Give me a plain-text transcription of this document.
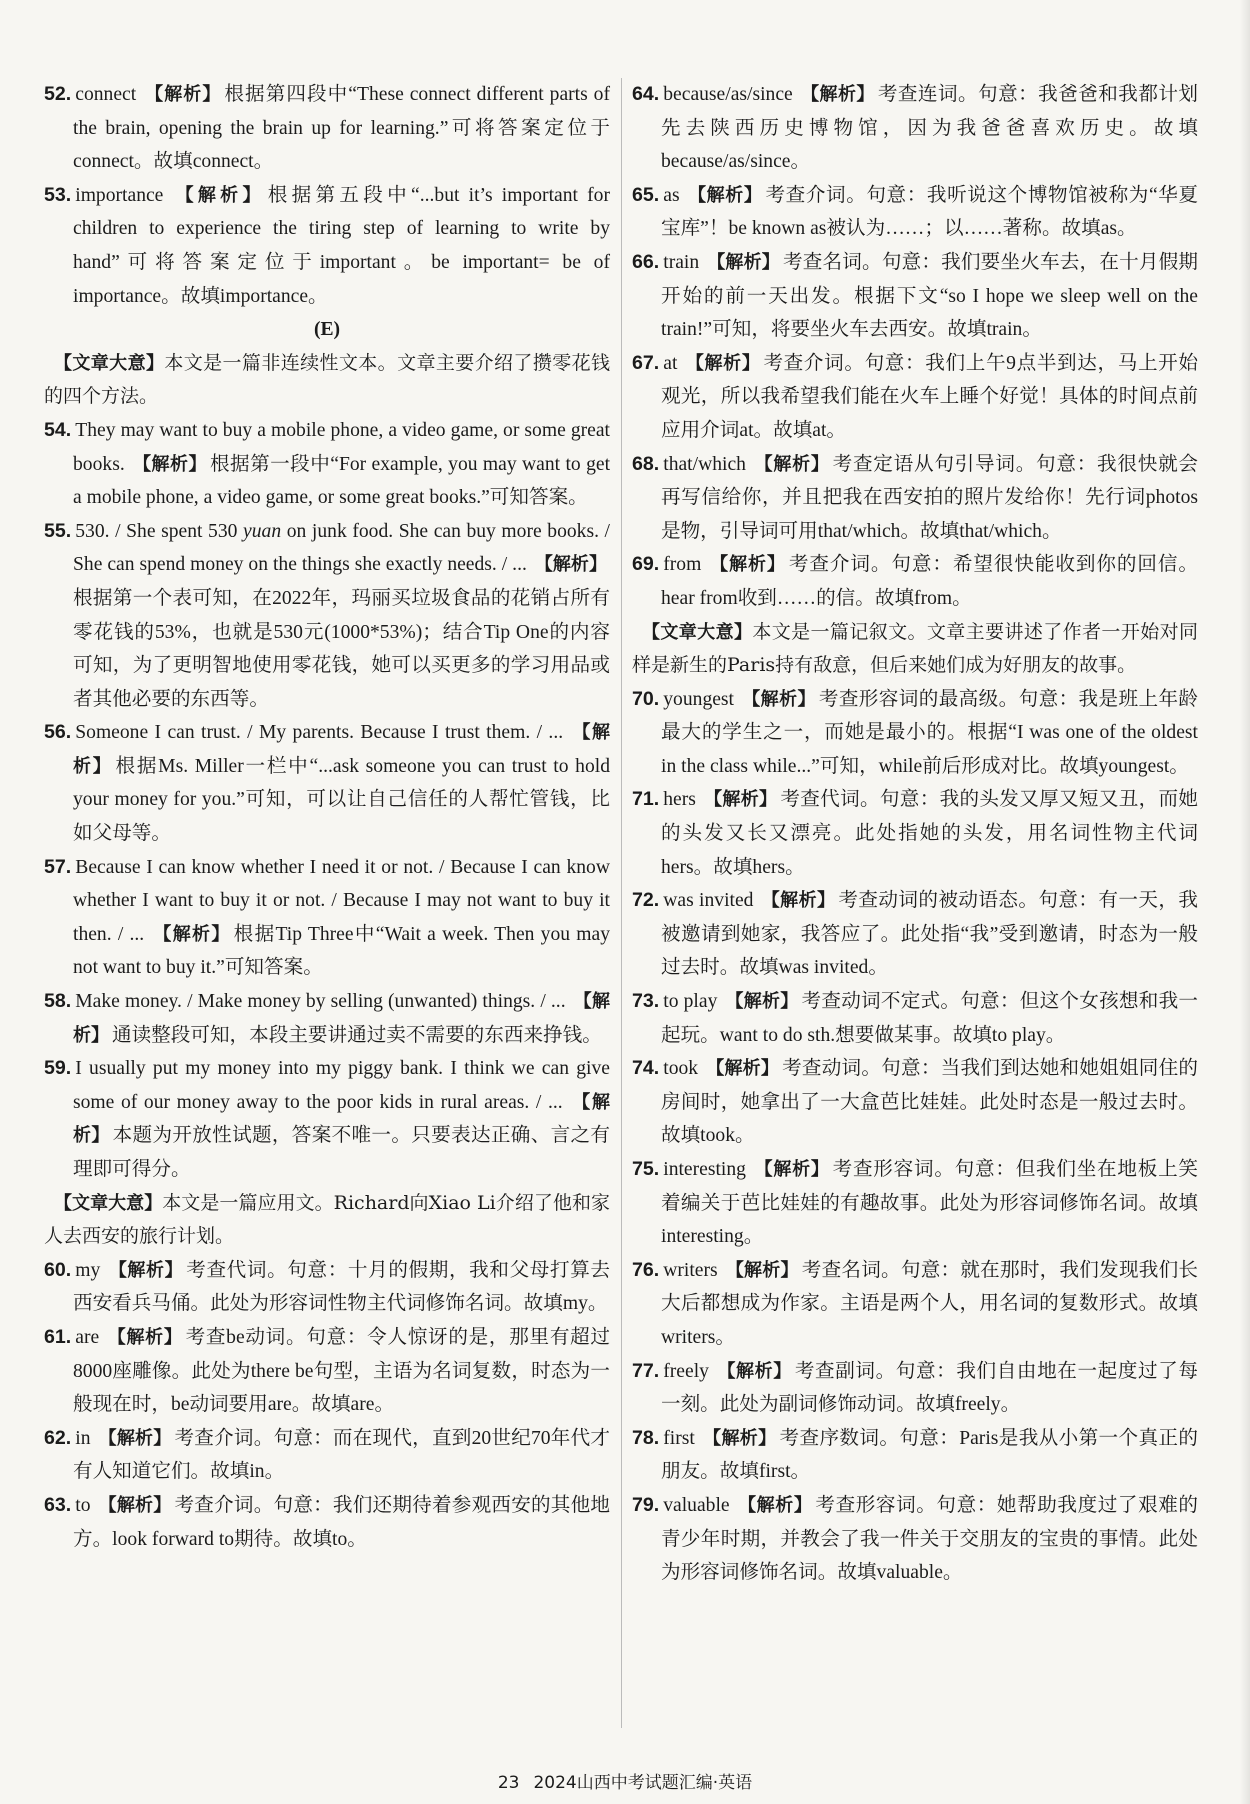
52. connect 【解析】 根据第四段中“These connect different parts of the brain, opening the brain up for learning.”可将答案定位于connect。故填connect。

53. importance 【解析】 根据第五段中“...but it’s important for children to experience the tiring step of learning to write by hand”可将答案定位于important。be important= be of importance。故填importance。

(E)

【文章大意】本文是一篇非连续性文本。文章主要介绍了攒零花钱的四个方法。

54. They may want to buy a mobile phone, a video game, or some great books. 【解析】 根据第一段中“For example, you may want to get a mobile phone, a video game, or some great books.”可知答案。

55. 530. / She spent 530 yuan on junk food. She can buy more books. / She can spend money on the things she exactly needs. / ... 【解析】根据第一个表可知，在2022年，玛丽买垃圾食品的花销占所有零花钱的53%，也就是530元(1000*53%)；结合Tip One的内容可知，为了更明智地使用零花钱，她可以买更多的学习用品或者其他必要的东西等。

56. Someone I can trust. / My parents. Because I trust them. / ... 【解析】 根据Ms. Miller一栏中“...ask someone you can trust to hold your money for you.”可知，可以让自己信任的人帮忙管钱，比如父母等。

57. Because I can know whether I need it or not. / Because I can know whether I want to buy it or not. / Because I may not want to buy it then. / ... 【解析】 根据Tip Three中“Wait a week. Then you may not want to buy it.”可知答案。

58. Make money. / Make money by selling (unwanted) things. / ... 【解析】 通读整段可知，本段主要讲通过卖不需要的东西来挣钱。

59. I usually put my money into my piggy bank. I think we can give some of our money away to the poor kids in rural areas. / ... 【解析】 本题为开放性试题，答案不唯一。只要表达正确、言之有理即可得分。

【文章大意】本文是一篇应用文。Richard向Xiao Li介绍了他和家人去西安的旅行计划。

60. my 【解析】 考查代词。句意：十月的假期，我和父母打算去西安看兵马俑。此处为形容词性物主代词修饰名词。故填my。

61. are 【解析】 考查be动词。句意：令人惊讶的是，那里有超过8000座雕像。此处为there be句型，主语为名词复数，时态为一般现在时，be动词要用are。故填are。

62. in 【解析】 考查介词。句意：而在现代，直到20世纪70年代才有人知道它们。故填in。

63. to 【解析】 考查介词。句意：我们还期待着参观西安的其他地方。look forward to期待。故填to。

64. because/as/since 【解析】 考查连词。句意：我爸爸和我都计划先去陕西历史博物馆，因为我爸爸喜欢历史。故填because/as/since。

65. as 【解析】 考查介词。句意：我听说这个博物馆被称为“华夏宝库”！be known as被认为……；以……著称。故填as。

66. train 【解析】 考查名词。句意：我们要坐火车去，在十月假期开始的前一天出发。根据下文“so I hope we sleep well on the train!”可知，将要坐火车去西安。故填train。

67. at 【解析】 考查介词。句意：我们上午9点半到达，马上开始观光，所以我希望我们能在火车上睡个好觉！具体的时间点前应用介词at。故填at。

68. that/which 【解析】 考查定语从句引导词。句意：我很快就会再写信给你，并且把我在西安拍的照片发给你！先行词photos是物，引导词可用that/which。故填that/which。

69. from 【解析】 考查介词。句意：希望很快能收到你的回信。hear from收到……的信。故填from。

【文章大意】本文是一篇记叙文。文章主要讲述了作者一开始对同样是新生的Paris持有敌意，但后来她们成为好朋友的故事。

70. youngest 【解析】 考查形容词的最高级。句意：我是班上年龄最大的学生之一，而她是最小的。根据“I was one of the oldest in the class while...”可知，while前后形成对比。故填youngest。

71. hers 【解析】 考查代词。句意：我的头发又厚又短又丑，而她的头发又长又漂亮。此处指她的头发，用名词性物主代词hers。故填hers。

72. was invited 【解析】 考查动词的被动语态。句意：有一天，我被邀请到她家，我答应了。此处指“我”受到邀请，时态为一般过去时。故填was invited。

73. to play 【解析】 考查动词不定式。句意：但这个女孩想和我一起玩。want to do sth.想要做某事。故填to play。

74. took 【解析】 考查动词。句意：当我们到达她和她姐姐同住的房间时，她拿出了一大盒芭比娃娃。此处时态是一般过去时。故填took。

75. interesting 【解析】 考查形容词。句意：但我们坐在地板上笑着编关于芭比娃娃的有趣故事。此处为形容词修饰名词。故填interesting。

76. writers 【解析】 考查名词。句意：就在那时，我们发现我们长大后都想成为作家。主语是两个人，用名词的复数形式。故填writers。

77. freely 【解析】 考查副词。句意：我们自由地在一起度过了每一刻。此处为副词修饰动词。故填freely。

78. first 【解析】 考查序数词。句意：Paris是我从小第一个真正的朋友。故填first。

79. valuable 【解析】 考查形容词。句意：她帮助我度过了艰难的青少年时期，并教会了我一件关于交朋友的宝贵的事情。此处为形容词修饰名词。故填valuable。

23 2024山西中考试题汇编·英语
